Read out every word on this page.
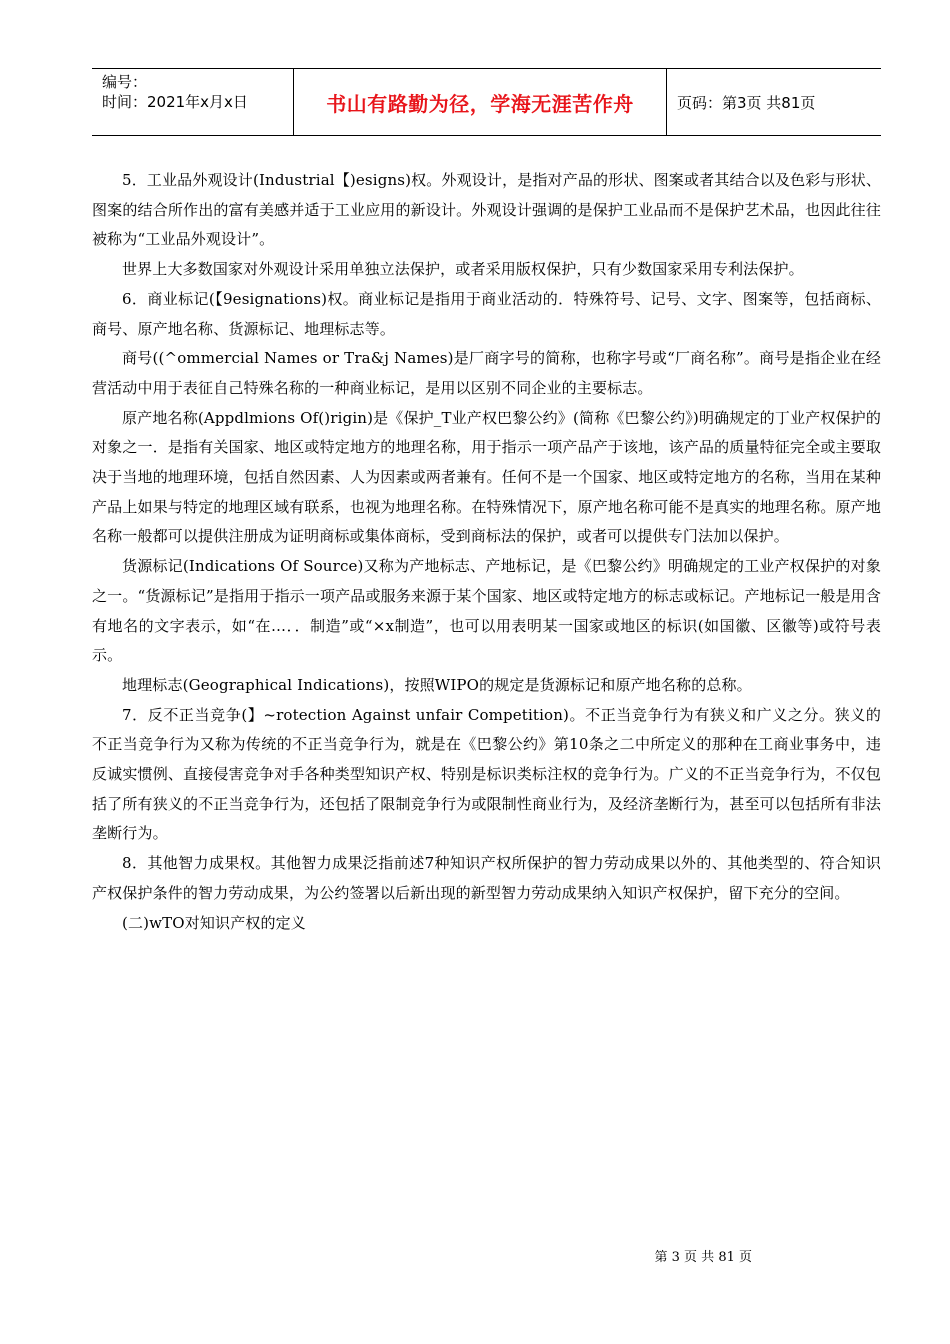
编号：
时间：2021年x月x日	书山有路勤为径，学海无涯苦作舟	页码：第3页 共81页

5．工业品外观设计(Industrial【)esigns)权。外观设计，是指对产品的形状、图案或者其结合以及色彩与形状、图案的结合所作出的富有美感并适于工业应用的新设计。外观设计强调的是保护工业品而不是保护艺术品，也因此往往被称为“工业品外观设计”。

世界上大多数国家对外观设计采用单独立法保护，或者采用版权保护，只有少数国家采用专利法保护。

6．商业标记(【9esignations)权。商业标记是指用于商业活动的．特殊符号、记号、文字、图案等，包括商标、商号、原产地名称、货源标记、地理标志等。

商号((^ommercial Names or Tra&j Names)是厂商字号的简称，也称字号或“厂商名称”。商号是指企业在经营活动中用于表征自己特殊名称的一种商业标记，是用以区别不同企业的主要标志。

原产地名称(Appdlmions Of()rigin)是《保护_T业产权巴黎公约》(简称《巴黎公约》)明确规定的丁业产权保护的对象之一．是指有关国家、地区或特定地方的地理名称，用于指示一项产品产于该地，该产品的质量特征完全或主要取决于当地的地理环境，包括自然因素、人为因素或两者兼有。任何不是一个国家、地区或特定地方的名称，当用在某种产品上如果与特定的地理区域有联系，也视为地理名称。在特殊情况下，原产地名称可能不是真实的地理名称。原产地名称一般都可以提供注册成为证明商标或集体商标，受到商标法的保护，或者可以提供专门法加以保护。

货源标记(Indications Of Source)又称为产地标志、产地标记，是《巴黎公约》明确规定的工业产权保护的对象之一。“货源标记”是指用于指示一项产品或服务来源于某个国家、地区或特定地方的标志或标记。产地标记一般是用含有地名的文字表示，如“在…．．制造”或“×x制造”，也可以用表明某一国家或地区的标识(如国徽、区徽等)或符号表示。

地理标志(Geographical Indications)，按照WIPO的规定是货源标记和原产地名称的总称。

7．反不正当竞争(】~rotection Against unfair Competition)。不正当竞争行为有狭义和广义之分。狭义的不正当竞争行为又称为传统的不正当竞争行为，就是在《巴黎公约》第10条之二中所定义的那种在工商业事务中，违反诚实惯例、直接侵害竞争对手各种类型知识产权、特别是标识类标注权的竞争行为。广义的不正当竞争行为，不仅包括了所有狭义的不正当竞争行为，还包括了限制竞争行为或限制性商业行为，及经济垄断行为，甚至可以包括所有非法垄断行为。

8．其他智力成果权。其他智力成果泛指前述7种知识产权所保护的智力劳动成果以外的、其他类型的、符合知识产权保护条件的智力劳动成果，为公约签署以后新出现的新型智力劳动成果纳入知识产权保护，留下充分的空间。

(二)wTO对知识产权的定义

第 3 页 共 81 页
